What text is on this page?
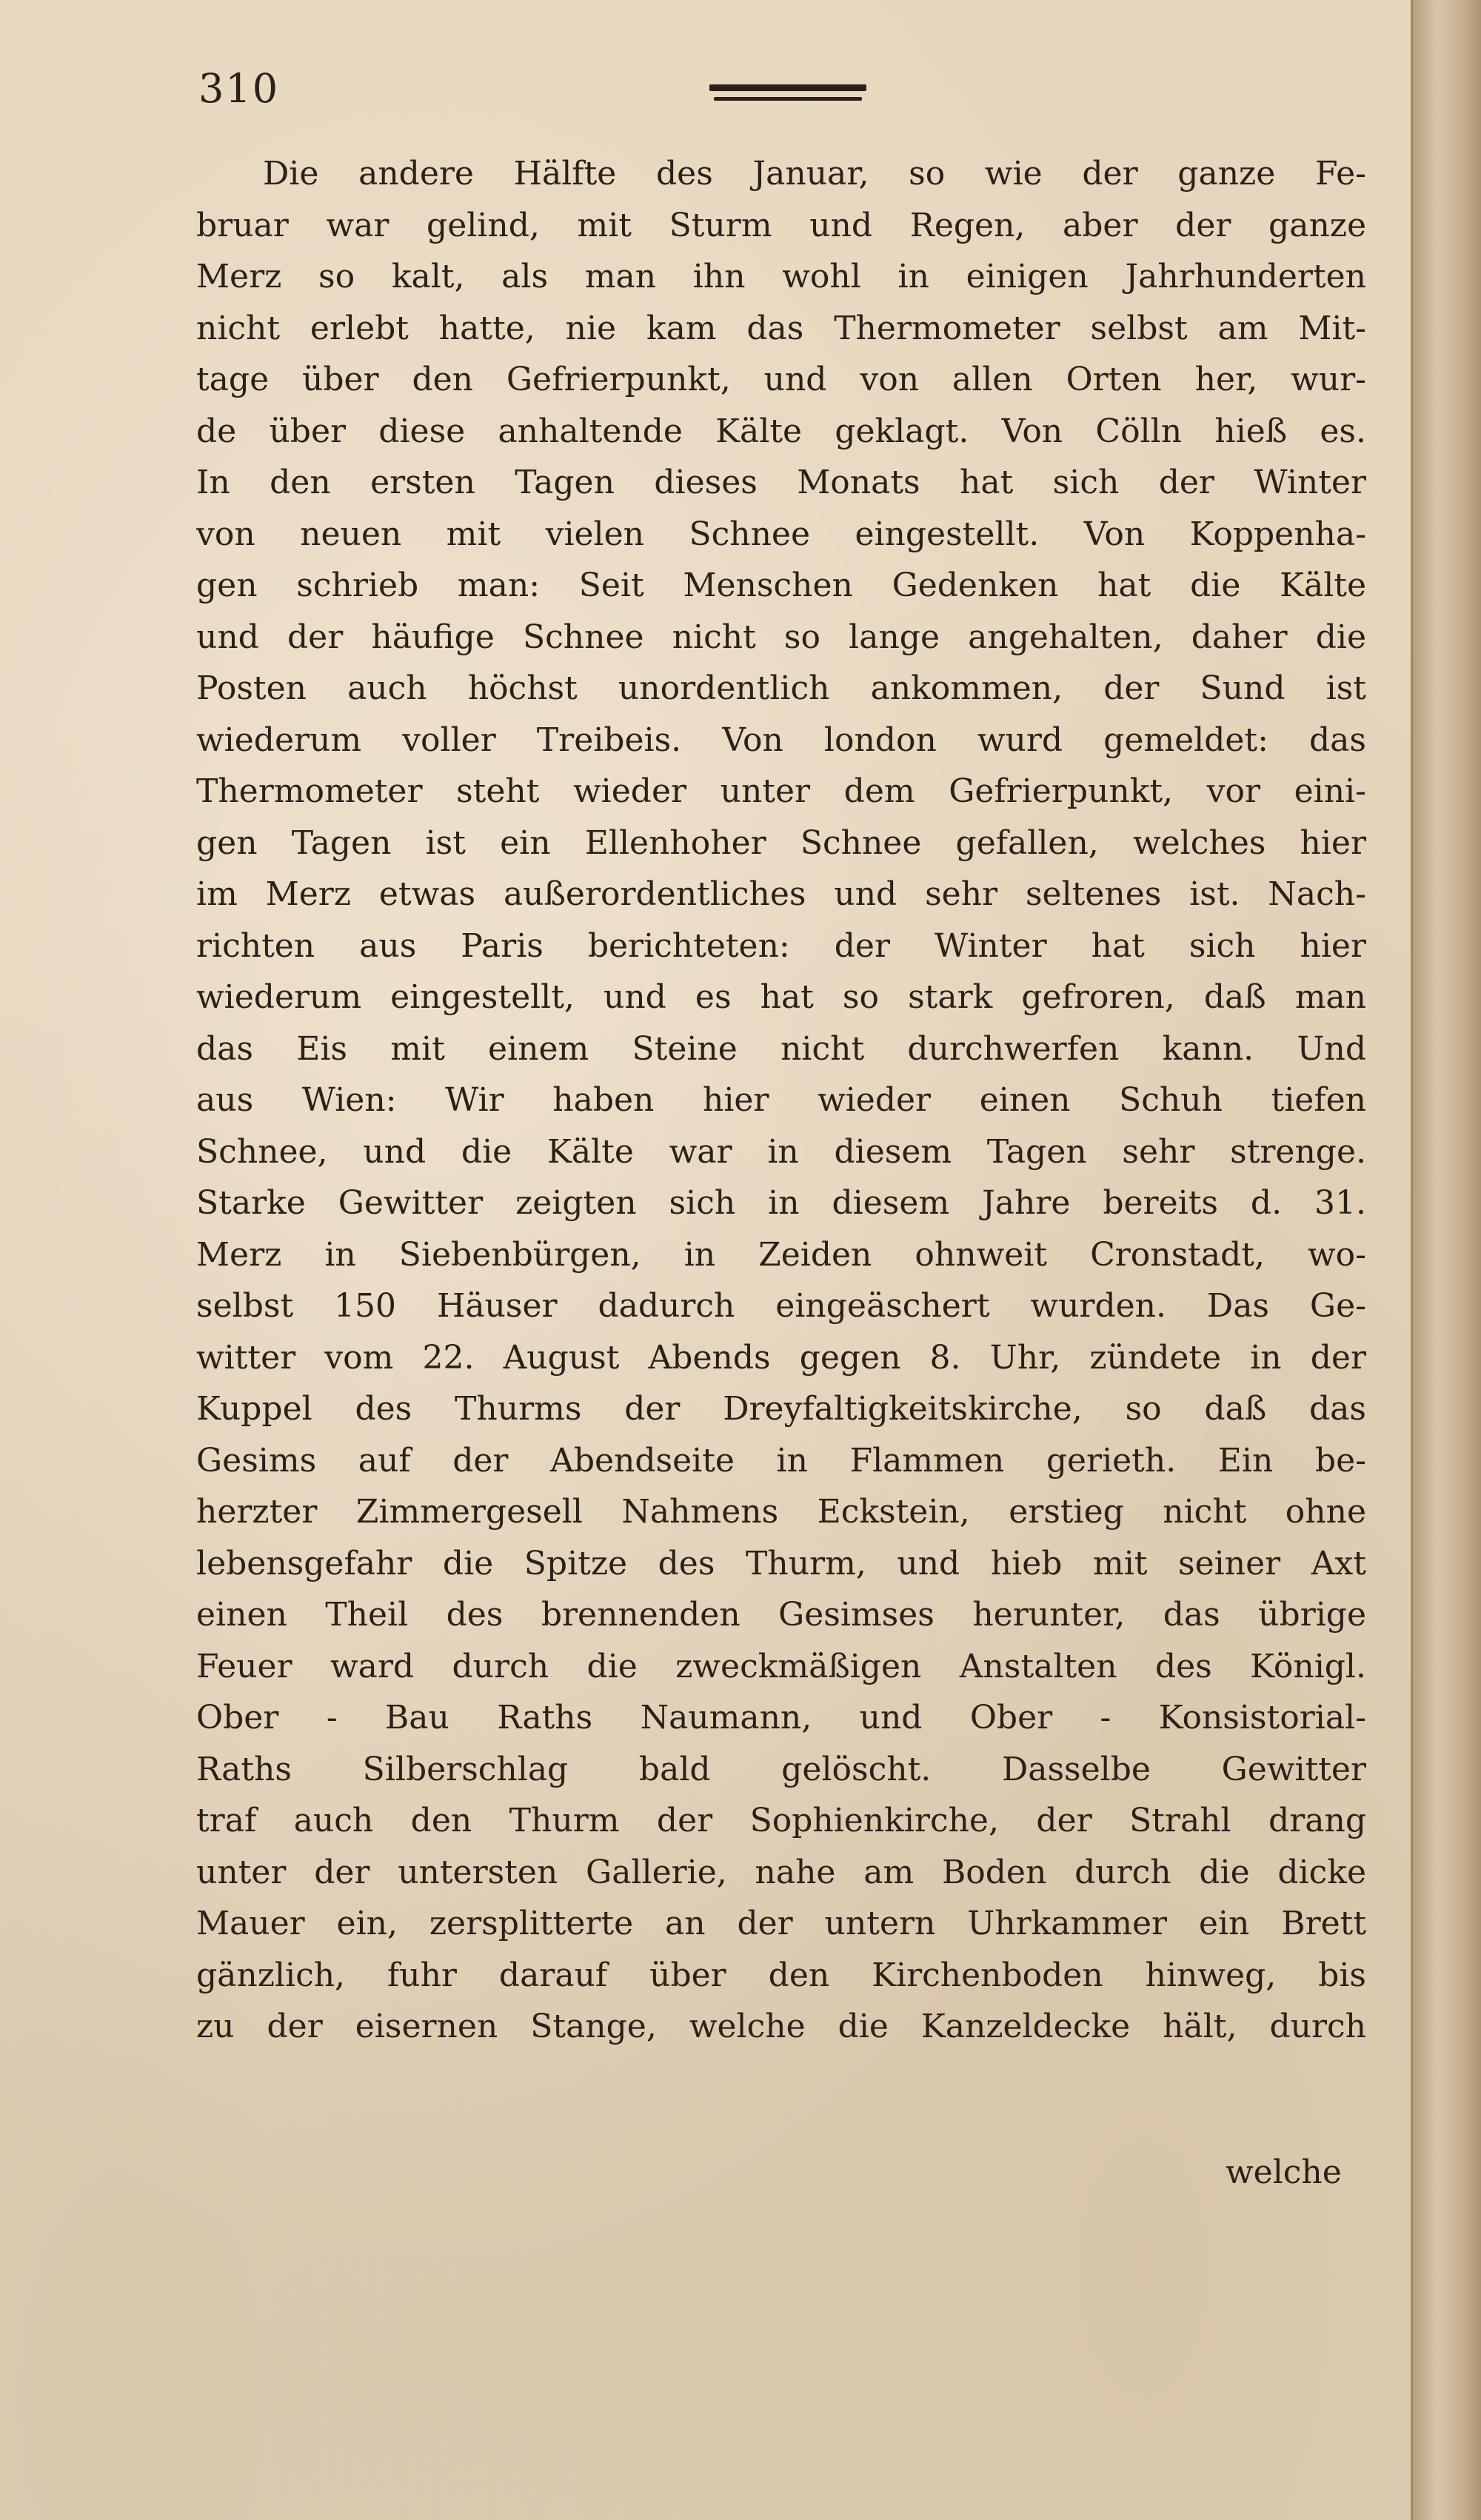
310
Die andere Hälfte des Januar, so wie der ganze Fe-
bruar war gelind, mit Sturm und Regen, aber der ganze
Merz so kalt, als man ihn wohl in einigen Jahrhunderten
nicht erlebt hatte, nie kam das Thermometer selbst am Mit-
tage über den Gefrierpunkt, und von allen Orten her, wur-
de über diese anhaltende Kälte geklagt. Von Cölln hieß es.
In den ersten Tagen dieses Monats hat sich der Winter
von neuen mit vielen Schnee eingestellt. Von Koppenha-
gen schrieb man: Seit Menschen Gedenken hat die Kälte
und der häufige Schnee nicht so lange angehalten, daher die
Posten auch höchst unordentlich ankommen, der Sund ist
wiederum voller Treibeis. Von london wurd gemeldet: das
Thermometer steht wieder unter dem Gefrierpunkt, vor eini-
gen Tagen ist ein Ellenhoher Schnee gefallen, welches hier
im Merz etwas außerordentliches und sehr seltenes ist. Nach-
richten aus Paris berichteten: der Winter hat sich hier
wiederum eingestellt, und es hat so stark gefroren, daß man
das Eis mit einem Steine nicht durchwerfen kann. Und
aus Wien: Wir haben hier wieder einen Schuh tiefen
Schnee, und die Kälte war in diesem Tagen sehr strenge.
Starke Gewitter zeigten sich in diesem Jahre bereits d. 31.
Merz in Siebenbürgen, in Zeiden ohnweit Cronstadt, wo-
selbst 150 Häuser dadurch eingeäschert wurden. Das Ge-
witter vom 22. August Abends gegen 8. Uhr, zündete in der
Kuppel des Thurms der Dreyfaltigkeitskirche, so daß das
Gesims auf der Abendseite in Flammen gerieth. Ein be-
herzter Zimmergesell Nahmens Eckstein, erstieg nicht ohne
lebensgefahr die Spitze des Thurm, und hieb mit seiner Axt
einen Theil des brennenden Gesimses herunter, das übrige
Feuer ward durch die zweckmäßigen Anstalten des Königl.
Ober - Bau Raths Naumann, und Ober - Konsistorial-
Raths Silberschlag bald gelöscht. Dasselbe Gewitter
traf auch den Thurm der Sophienkirche, der Strahl drang
unter der untersten Gallerie, nahe am Boden durch die dicke
Mauer ein, zersplitterte an der untern Uhrkammer ein Brett
gänzlich, fuhr darauf über den Kirchenboden hinweg, bis
zu der eisernen Stange, welche die Kanzeldecke hält, durch
welche
